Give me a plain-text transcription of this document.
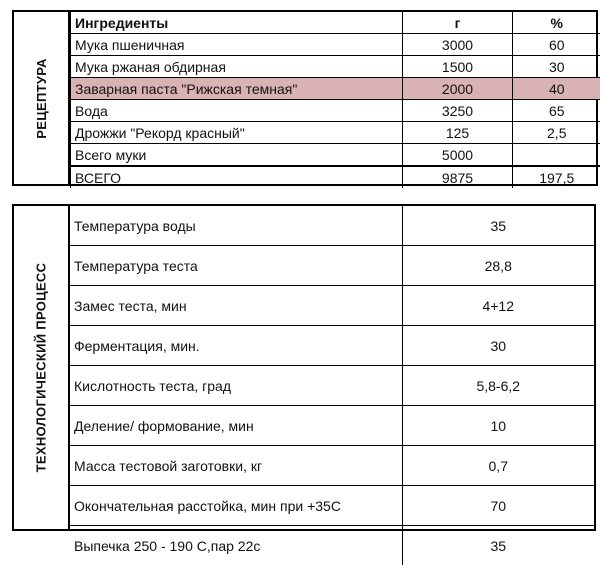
РЕЦЕПТУРА
Ингредиенты	г	%
Мука пшеничная	3000	60
Мука ржаная обдирная	1500	30
Заварная паста "Рижская темная"	2000	40
Вода	3250	65
Дрожжи "Рекорд красный"	125	2,5
Всего муки	5000	
ВСЕГО	9875	197,5
ТЕХНОЛОГИЧЕСКИЙ ПРОЦЕСС
Температура воды	35
Температура теста	28,8
Замес теста, мин	4+12
Ферментация, мин.	30
Кислотность теста, град	5,8-6,2
Деление/ формование, мин	10
Масса тестовой заготовки, кг	0,7
Окончательная расстойка, мин при +35С	70
Выпечка 250 - 190 С,пар 22с	35
